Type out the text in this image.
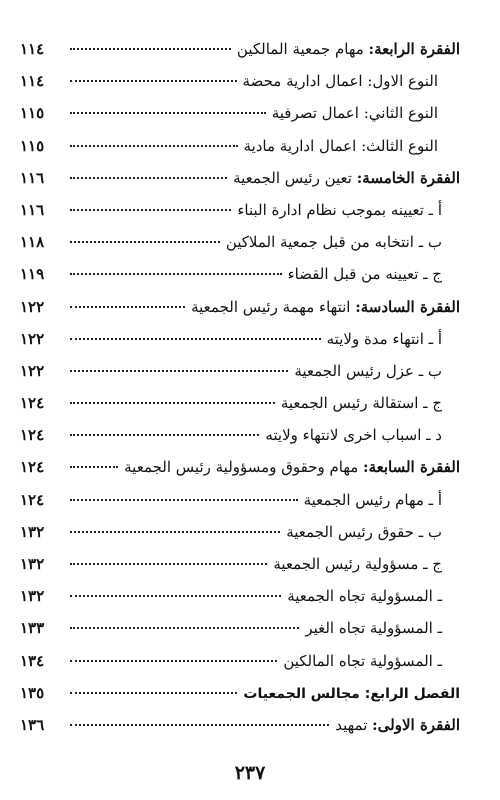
١١٤	الفقرة الرابعة: مهام جمعية المالكين
١١٤	النوع الاول: اعمال ادارية محضة
١١٥	النوع الثاني: اعمال تصرفية
١١٥	النوع الثالث: اعمال ادارية مادية
١١٦	الفقرة الخامسة: تعين رئيس الجمعية
١١٦	أ ـ تعيينه بموجب نظام ادارة البناء
١١٨	ب ـ انتخابه من قبل جمعية الملاكين
١١٩	ج ـ تعيينه من قبل القضاء
١٢٢	الفقرة السادسة: انتهاء مهمة رئيس الجمعية
١٢٢	أ ـ انتهاء مدة ولايته
١٢٢	ب ـ عزل رئيس الجمعية
١٢٤	ج ـ استقالة رئيس الجمعية
١٢٤	د ـ اسباب اخرى لانتهاء ولايته
١٢٤	الفقرة السابعة: مهام وحقوق ومسؤولية رئيس الجمعية
١٢٤	أ ـ مهام رئيس الجمعية
١٣٢	ب ـ حقوق رئيس الجمعية
١٣٢	ج ـ مسؤولية رئيس الجمعية
١٣٢	ـ المسؤولية تجاه الجمعية
١٣٣	ـ المسؤولية تجاه الغير
١٣٤	ـ المسؤولية تجاه المالكين
١٣٥	الفصل الرابع: مجالس الجمعيات
١٣٦	الفقرة الاولى: تمهيد
٢٣٧
